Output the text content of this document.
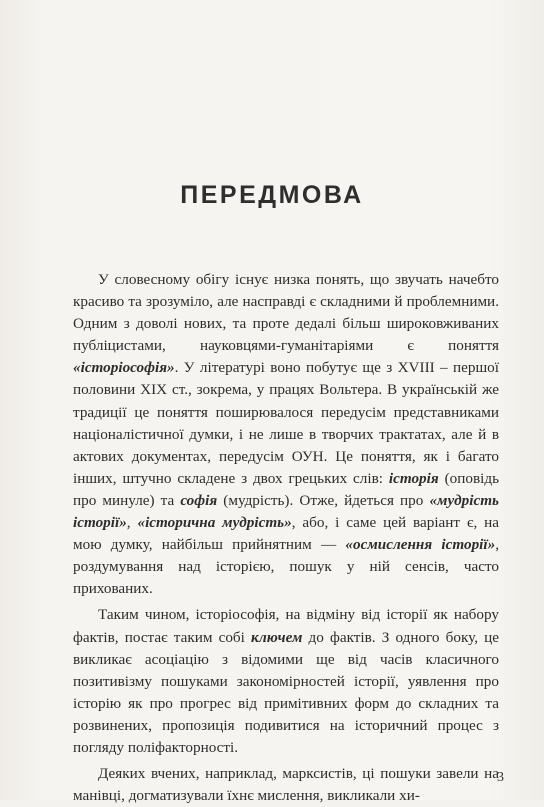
ПЕРЕДМОВА

У словесному обігу існує низка понять, що звучать начебто красиво та зрозуміло, але насправді є складними й проблемними. Одним з доволі нових, та проте дедалі більш широковживаних публіцистами, науковцями-гуманітаріями є поняття «історіософія». У літературі воно побутує ще з XVIII – першої половини XIX ст., зокрема, у працях Вольтера. В українській же традиції це поняття поширювалося передусім представниками націоналістичної думки, і не лише в творчих трактатах, але й в актових документах, передусім ОУН. Це поняття, як і багато інших, штучно складене з двох грецьких слів: історія (оповідь про минуле) та софія (мудрість). Отже, йдеться про «мудрість історії», «історична мудрість», або, і саме цей варіант є, на мою думку, найбільш прийнятним — «осмислення історії», роздумування над історією, пошук у ній сенсів, часто прихованих.

Таким чином, історіософія, на відміну від історії як набору фактів, постає таким собі ключем до фактів. З одного боку, це викликає асоціацію з відомими ще від часів класичного позитивізму пошуками закономірностей історії, уявлення про історію як про прогрес від примітивних форм до складних та розвинених, пропозиція подивитися на історичний процес з погляду поліфакторності.

Деяких вчених, наприклад, марксистів, ці пошуки завели на манівці, догматизували їхнє мислення, викликали хи-

3
